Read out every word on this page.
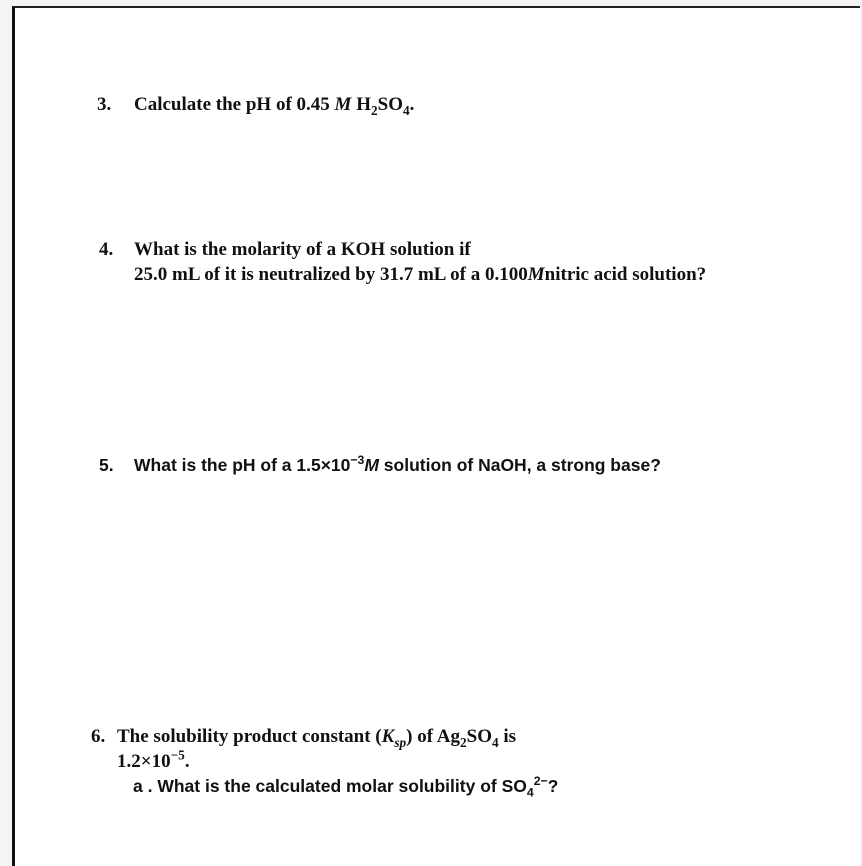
3. Calculate the pH of 0.45 M $H_2SO_4$.
4. What is the molarity of a KOH solution if
25.0 mL of it is neutralized by 31.7 mL of a 0.100Mnitric acid solution?
5. What is the pH of a $1.5\times 10^{-3}M$ solution of NaOH, a strong base?
6. The solubility product constant $(K_{sp})$ of $Ag_2SO_4$ is
$1.2\times 10^{-5}$.
a . What is the calculated molar solubility of $SO_4^{2-}$?
